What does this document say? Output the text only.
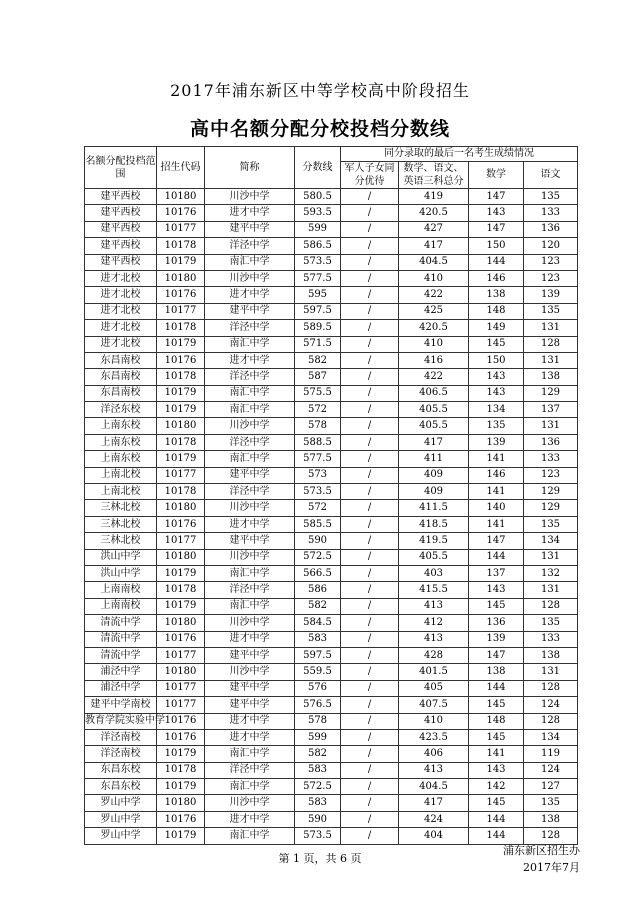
2017年浦东新区中等学校高中阶段招生
高中名额分配分校投档分数线
名额分配投档范围	招生代码	简称	分数线	同分录取的最后一名考生成绩情况			
				军人子女同分优待	数学、语文、英语三科总分	数学	语文
建平西校	10180	川沙中学	580.5	/	419	147	135
建平西校	10176	进才中学	593.5	/	420.5	143	133
建平西校	10177	建平中学	599	/	427	147	136
建平西校	10178	洋泾中学	586.5	/	417	150	120
建平西校	10179	南汇中学	573.5	/	404.5	144	123
进才北校	10180	川沙中学	577.5	/	410	146	123
进才北校	10176	进才中学	595	/	422	138	139
进才北校	10177	建平中学	597.5	/	425	148	135
进才北校	10178	洋泾中学	589.5	/	420.5	149	131
进才北校	10179	南汇中学	571.5	/	410	145	128
东昌南校	10176	进才中学	582	/	416	150	131
东昌南校	10178	洋泾中学	587	/	422	143	138
东昌南校	10179	南汇中学	575.5	/	406.5	143	129
洋泾东校	10179	南汇中学	572	/	405.5	134	137
上南东校	10180	川沙中学	578	/	405.5	135	131
上南东校	10178	洋泾中学	588.5	/	417	139	136
上南东校	10179	南汇中学	577.5	/	411	141	133
上南北校	10177	建平中学	573	/	409	146	123
上南北校	10178	洋泾中学	573.5	/	409	141	129
三林北校	10180	川沙中学	572	/	411.5	140	129
三林北校	10176	进才中学	585.5	/	418.5	141	135
三林北校	10177	建平中学	590	/	419.5	147	134
洪山中学	10180	川沙中学	572.5	/	405.5	144	131
洪山中学	10179	南汇中学	566.5	/	403	137	132
上南南校	10178	洋泾中学	586	/	415.5	143	131
上南南校	10179	南汇中学	582	/	413	145	128
清流中学	10180	川沙中学	584.5	/	412	136	135
清流中学	10176	进才中学	583	/	413	139	133
清流中学	10177	建平中学	597.5	/	428	147	138
浦泾中学	10180	川沙中学	559.5	/	401.5	138	131
浦泾中学	10177	建平中学	576	/	405	144	128
建平中学南校	10177	建平中学	576.5	/	407.5	145	124
教育学院实验中学	10176	进才中学	578	/	410	148	128
洋泾南校	10176	进才中学	599	/	423.5	145	134
洋泾南校	10179	南汇中学	582	/	406	141	119
东昌东校	10178	洋泾中学	583	/	413	143	124
东昌东校	10179	南汇中学	572.5	/	404.5	142	127
罗山中学	10180	川沙中学	583	/	417	145	135
罗山中学	10176	进才中学	590	/	424	144	138
罗山中学	10179	南汇中学	573.5	/	404	144	128
浦东新区招生办
第 1 页，共 6 页
2017年7月
